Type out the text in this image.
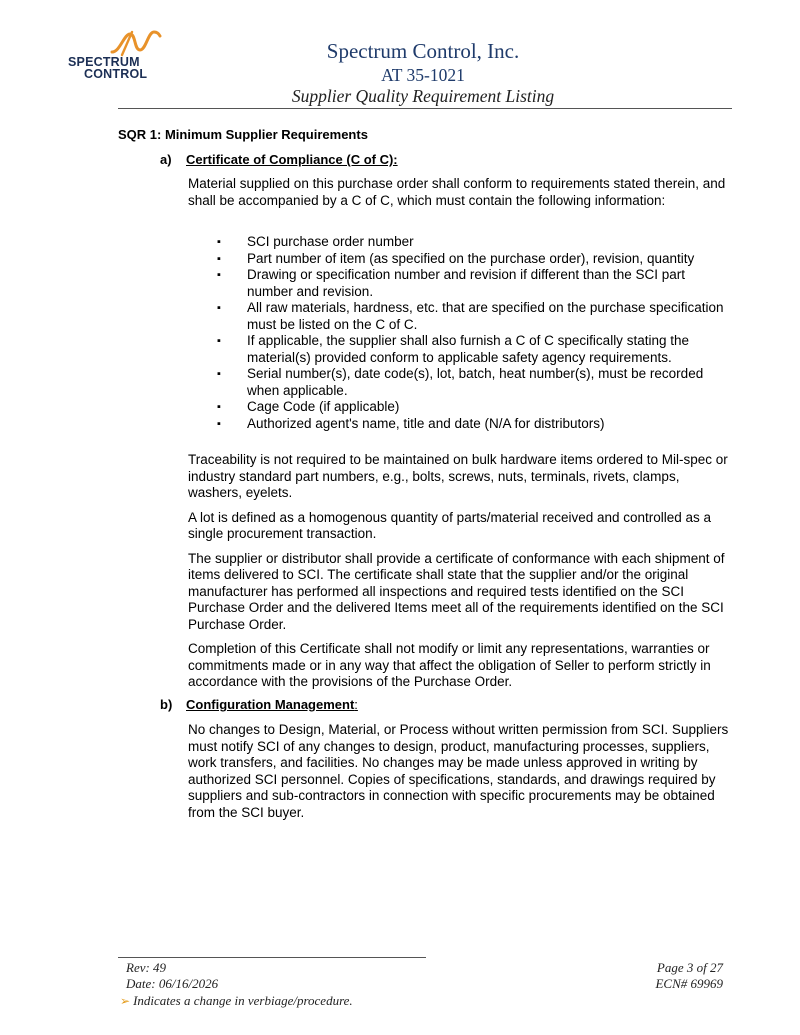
SPECTRUM
CONTROL
Spectrum Control, Inc.
AT 35-1021
Supplier Quality Requirement Listing
SQR 1: Minimum Supplier Requirements
a) Certificate of Compliance (C of C):

Material supplied on this purchase order shall conform to requirements stated therein, and shall be accompanied by a C of C, which must contain the following information:

▪ SCI purchase order number
▪ Part number of item (as specified on the purchase order), revision, quantity
▪ Drawing or specification number and revision if different than the SCI part number and revision.
▪ All raw materials, hardness, etc. that are specified on the purchase specification must be listed on the C of C.
▪ If applicable, the supplier shall also furnish a C of C specifically stating the material(s) provided conform to applicable safety agency requirements.
▪ Serial number(s), date code(s), lot, batch, heat number(s), must be recorded when applicable.
▪ Cage Code (if applicable)
▪ Authorized agent's name, title and date (N/A for distributors)

Traceability is not required to be maintained on bulk hardware items ordered to Mil-spec or industry standard part numbers, e.g., bolts, screws, nuts, terminals, rivets, clamps, washers, eyelets.

A lot is defined as a homogenous quantity of parts/material received and controlled as a single procurement transaction.

The supplier or distributor shall provide a certificate of conformance with each shipment of items delivered to SCI. The certificate shall state that the supplier and/or the original manufacturer has performed all inspections and required tests identified on the SCI Purchase Order and the delivered Items meet all of the requirements identified on the SCI Purchase Order.

Completion of this Certificate shall not modify or limit any representations, warranties or commitments made or in any way that affect the obligation of Seller to perform strictly in accordance with the provisions of the Purchase Order.

b) Configuration Management:

No changes to Design, Material, or Process without written permission from SCI. Suppliers must notify SCI of any changes to design, product, manufacturing processes, suppliers, work transfers, and facilities. No changes may be made unless approved in writing by authorized SCI personnel. Copies of specifications, standards, and drawings required by suppliers and sub-contractors in connection with specific procurements may be obtained from the SCI buyer.

Rev: 49
Date: 06/16/2026
Page 3 of 27
ECN# 69969
➢ Indicates a change in verbiage/procedure.
